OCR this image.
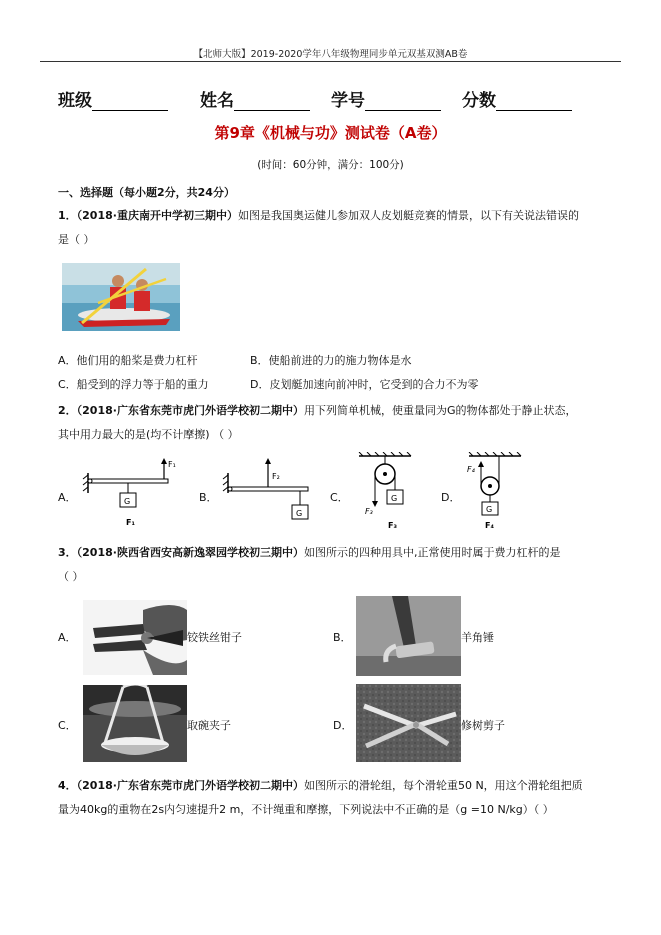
【北师大版】2019-2020学年八年级物理同步单元双基双测AB卷
班级	姓名	学号	分数
第9章《机械与功》测试卷（A卷）
(时间：60分钟，满分：100分)
一、选择题（每小题2分，共24分）
1．（2018·重庆南开中学初三期中）如图是我国奥运健儿参加双人皮划艇竞赛的情景，以下有关说法错误的
是（ ）
A．他们用的船桨是费力杠杆	B．使船前进的力的施力物体是水
C．船受到的浮力等于船的重力	D．皮划艇加速向前冲时，它受到的合力不为零
2．（2018·广东省东莞市虎门外语学校初二期中）用下列简单机械，使重量同为G的物体都处于静止状态，
其中用力最大的是(均不计摩擦) （ ）
A．	B．	C．	D．
F₁
G
F₁
F₂
G
G
F₃
F₃
F₄
G
F₄
3．（2018·陕西省西安高新逸翠园学校初三期中）如图所示的四种用具中,正常使用时属于费力杠杆的是
（ ）
A．	铰铁丝钳子	B．	羊角锤
C．	取碗夹子	D．	修树剪子
4．（2018·广东省东莞市虎门外语学校初二期中）如图所示的滑轮组，每个滑轮重50 N，用这个滑轮组把质
量为40kg的重物在2s内匀速提升2 m，不计绳重和摩擦，下列说法中不正确的是（g =10 N/kg）（ ）
